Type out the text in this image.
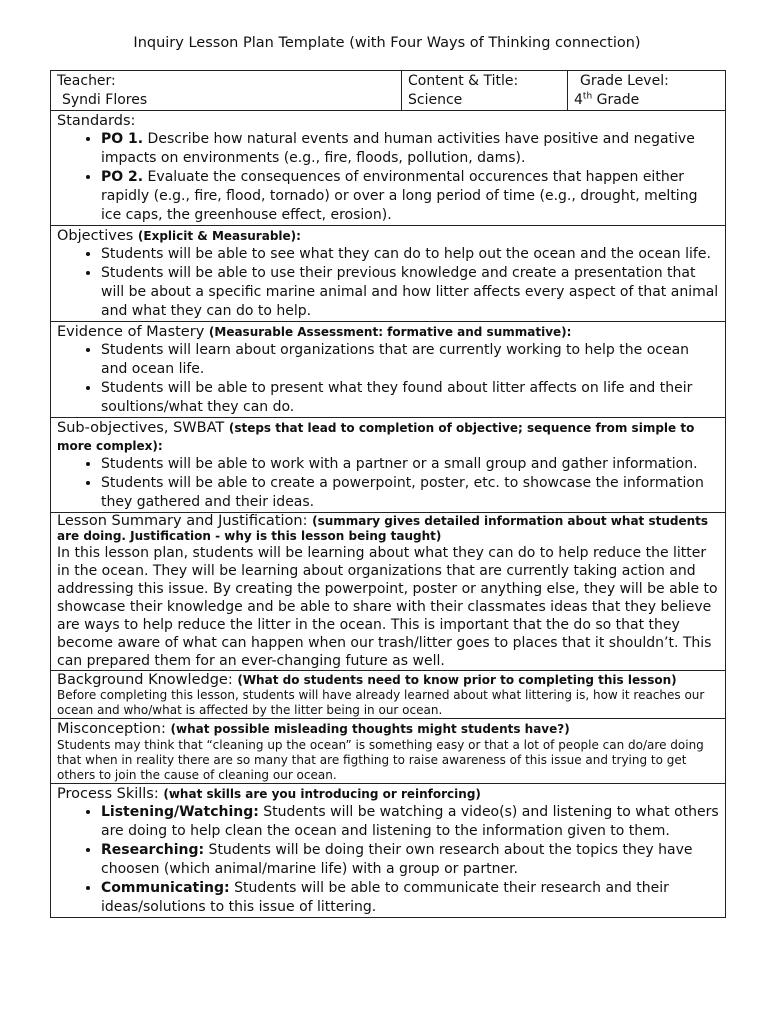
Inquiry Lesson Plan Template (with Four Ways of Thinking connection)
Teacher:
Syndi Flores

Content & Title:
Science

Grade Level:
4th Grade

Standards:
• PO 1. Describe how natural events and human activities have positive and negative impacts on environments (e.g., fire, floods, pollution, dams).
• PO 2. Evaluate the consequences of environmental occurences that happen either rapidly (e.g., fire, flood, tornado) or over a long period of time (e.g., drought, melting ice caps, the greenhouse effect, erosion).

Objectives (Explicit & Measurable):
• Students will be able to see what they can do to help out the ocean and the ocean life.
• Students will be able to use their previous knowledge and create a presentation that will be about a specific marine animal and how litter affects every aspect of that animal and what they can do to help.

Evidence of Mastery (Measurable Assessment: formative and summative):
• Students will learn about organizations that are currently working to help the ocean and ocean life.
• Students will be able to present what they found about litter affects on life and their soultions/what they can do.

Sub-objectives, SWBAT (steps that lead to completion of objective; sequence from simple to more complex):
• Students will be able to work with a partner or a small group and gather information.
• Students will be able to create a powerpoint, poster, etc. to showcase the information they gathered and their ideas.

Lesson Summary and Justification: (summary gives detailed information about what students are doing. Justification - why is this lesson being taught)
In this lesson plan, students will be learning about what they can do to help reduce the litter in the ocean. They will be learning about organizations that are currently taking action and addressing this issue. By creating the powerpoint, poster or anything else, they will be able to showcase their knowledge and be able to share with their classmates ideas that they believe are ways to help reduce the litter in the ocean. This is important that the do so that they become aware of what can happen when our trash/litter goes to places that it shouldn’t. This can prepared them for an ever-changing future as well.

Background Knowledge: (What do students need to know prior to completing this lesson)
Before completing this lesson, students will have already learned about what littering is, how it reaches our ocean and who/what is affected by the litter being in our ocean.

Misconception: (what possible misleading thoughts might students have?)
Students may think that “cleaning up the ocean” is something easy or that a lot of people can do/are doing that when in reality there are so many that are figthing to raise awareness of this issue and trying to get others to join the cause of cleaning our ocean.

Process Skills: (what skills are you introducing or reinforcing)
• Listening/Watching: Students will be watching a video(s) and listening to what others are doing to help clean the ocean and listening to the information given to them.
• Researching: Students will be doing their own research about the topics they have choosen (which animal/marine life) with a group or partner.
• Communicating: Students will be able to communicate their research and their ideas/solutions to this issue of littering.
